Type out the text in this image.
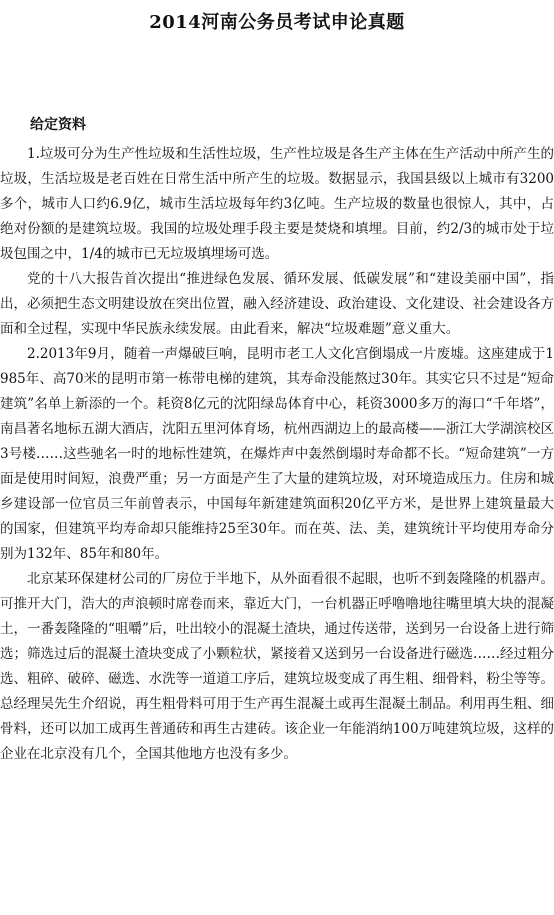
2014河南公务员考试申论真题
给定资料

1.垃圾可分为生产性垃圾和生活性垃圾，生产性垃圾是各生产主体在生产活动中所产生的垃圾，生活垃圾是老百姓在日常生活中所产生的垃圾。数据显示，我国县级以上城市有3200多个，城市人口约6.9亿，城市生活垃圾每年约3亿吨。生产垃圾的数量也很惊人，其中，占绝对份额的是建筑垃圾。我国的垃圾处理手段主要是焚烧和填埋。目前，约2/3的城市处于垃圾包围之中，1/4的城市已无垃圾填埋场可选。

党的十八大报告首次提出“推进绿色发展、循环发展、低碳发展”和“建设美丽中国”，指出，必须把生态文明建设放在突出位置，融入经济建设、政治建设、文化建设、社会建设各方面和全过程，实现中华民族永续发展。由此看来，解决“垃圾难题”意义重大。

2.2013年9月，随着一声爆破巨响，昆明市老工人文化宫倒塌成一片废墟。这座建成于1985年、高70米的昆明市第一栋带电梯的建筑，其寿命没能熬过30年。其实它只不过是“短命建筑”名单上新添的一个。耗资8亿元的沈阳绿岛体育中心，耗资3000多万的海口“千年塔”，南昌著名地标五湖大酒店，沈阳五里河体育场，杭州西湖边上的最高楼——浙江大学湖滨校区3号楼……这些驰名一时的地标性建筑，在爆炸声中轰然倒塌时寿命都不长。“短命建筑”一方面是使用时间短，浪费严重；另一方面是产生了大量的建筑垃圾，对环境造成压力。住房和城乡建设部一位官员三年前曾表示，中国每年新建建筑面积20亿平方米，是世界上建筑量最大的国家，但建筑平均寿命却只能维持25至30年。而在英、法、美，建筑统计平均使用寿命分别为132年、85年和80年。

北京某环保建材公司的厂房位于半地下，从外面看很不起眼，也听不到轰隆隆的机器声。可推开大门，浩大的声浪顿时席卷而来，靠近大门，一台机器正呼噜噜地往嘴里填大块的混凝土，一番轰隆隆的“咀嚼”后，吐出较小的混凝土渣块，通过传送带，送到另一台设备上进行筛选；筛选过后的混凝土渣块变成了小颗粒状，紧接着又送到另一台设备进行磁选……经过粗分选、粗碎、破碎、磁选、水洗等一道道工序后，建筑垃圾变成了再生粗、细骨料，粉尘等等。总经理吴先生介绍说，再生粗骨料可用于生产再生混凝土或再生混凝土制品。利用再生粗、细骨料，还可以加工成再生普通砖和再生古建砖。该企业一年能消纳100万吨建筑垃圾，这样的企业在北京没有几个，全国其他地方也没有多少。
